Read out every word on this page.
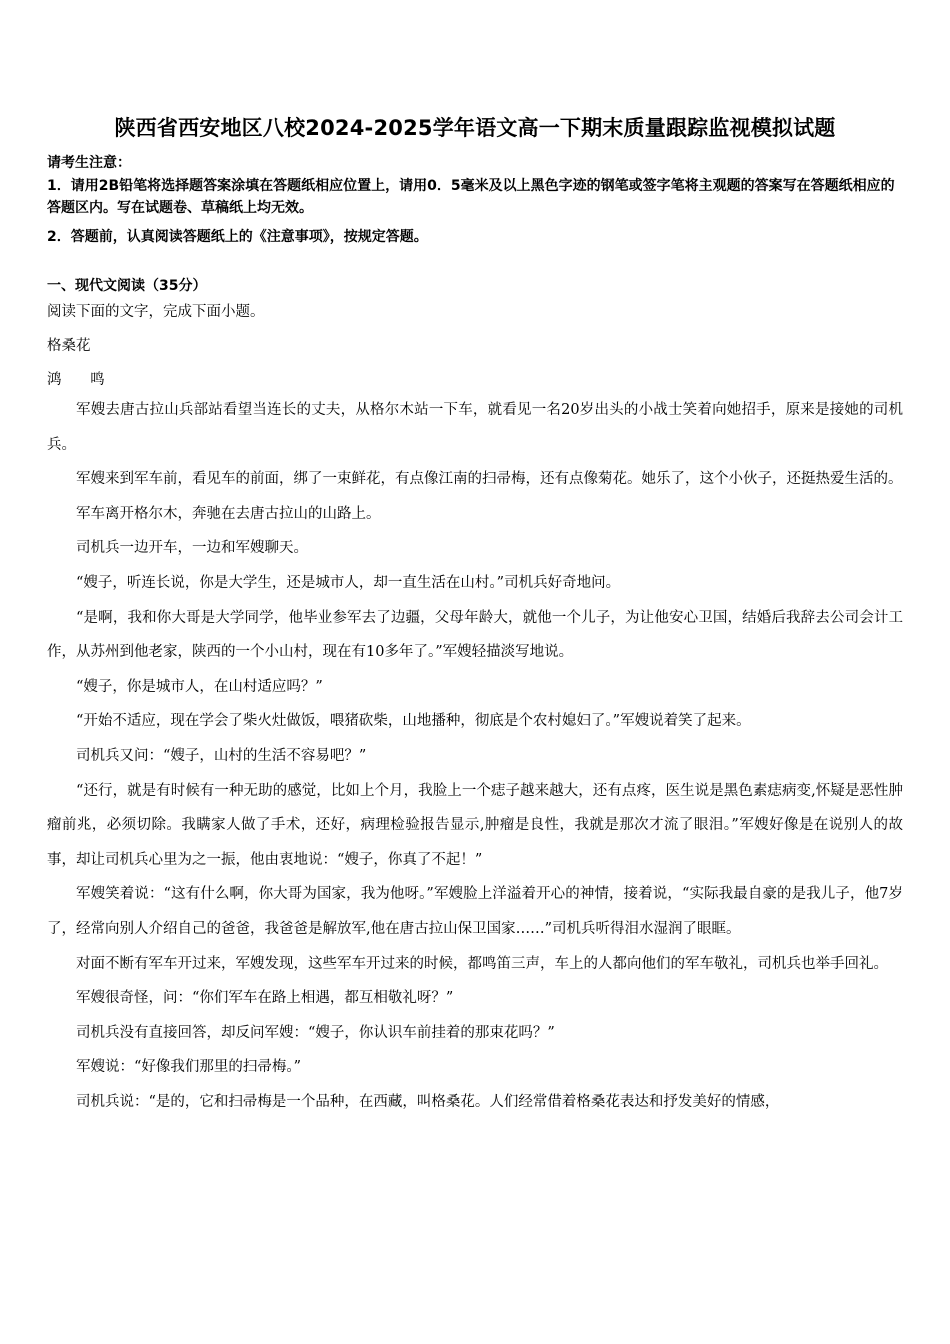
陕西省西安地区八校2024-2025学年语文高一下期末质量跟踪监视模拟试题
请考生注意：
1．请用2B铅笔将选择题答案涂填在答题纸相应位置上，请用0．5毫米及以上黑色字迹的钢笔或签字笔将主观题的答案写在答题纸相应的答题区内。写在试题卷、草稿纸上均无效。
2．答题前，认真阅读答题纸上的《注意事项》，按规定答题。
一、现代文阅读（35分）
阅读下面的文字，完成下面小题。
格桑花
鸿 鸣

军嫂去唐古拉山兵部站看望当连长的丈夫，从格尔木站一下车，就看见一名20岁出头的小战士笑着向她招手，原来是接她的司机兵。

军嫂来到军车前，看见车的前面，绑了一束鲜花，有点像江南的扫帚梅，还有点像菊花。她乐了，这个小伙子，还挺热爱生活的。

军车离开格尔木，奔驰在去唐古拉山的山路上。

司机兵一边开车，一边和军嫂聊天。

“嫂子，听连长说，你是大学生，还是城市人，却一直生活在山村。”司机兵好奇地问。

“是啊，我和你大哥是大学同学，他毕业参军去了边疆，父母年龄大，就他一个儿子，为让他安心卫国，结婚后我辞去公司会计工作，从苏州到他老家，陕西的一个小山村，现在有10多年了。”军嫂轻描淡写地说。

“嫂子，你是城市人，在山村适应吗？”

“开始不适应，现在学会了柴火灶做饭，喂猪砍柴，山地播种，彻底是个农村媳妇了。”军嫂说着笑了起来。

司机兵又问：“嫂子，山村的生活不容易吧？”

“还行，就是有时候有一种无助的感觉，比如上个月，我脸上一个痣子越来越大，还有点疼，医生说是黑色素痣病变,怀疑是恶性肿瘤前兆，必须切除。我瞒家人做了手术，还好，病理检验报告显示,肿瘤是良性，我就是那次才流了眼泪。”军嫂好像是在说别人的故事，却让司机兵心里为之一振，他由衷地说：“嫂子，你真了不起！”

军嫂笑着说：“这有什么啊，你大哥为国家，我为他呀。”军嫂脸上洋溢着开心的神情，接着说，“实际我最自豪的是我儿子，他7岁了，经常向别人介绍自己的爸爸，我爸爸是解放军,他在唐古拉山保卫国家……”司机兵听得泪水湿润了眼眶。

对面不断有军车开过来，军嫂发现，这些军车开过来的时候，都鸣笛三声，车上的人都向他们的军车敬礼，司机兵也举手回礼。

军嫂很奇怪，问：“你们军车在路上相遇，都互相敬礼呀？”

司机兵没有直接回答，却反问军嫂：“嫂子，你认识车前挂着的那束花吗？”

军嫂说：“好像我们那里的扫帚梅。”

司机兵说：“是的，它和扫帚梅是一个品种，在西藏，叫格桑花。人们经常借着格桑花表达和抒发美好的情感，
